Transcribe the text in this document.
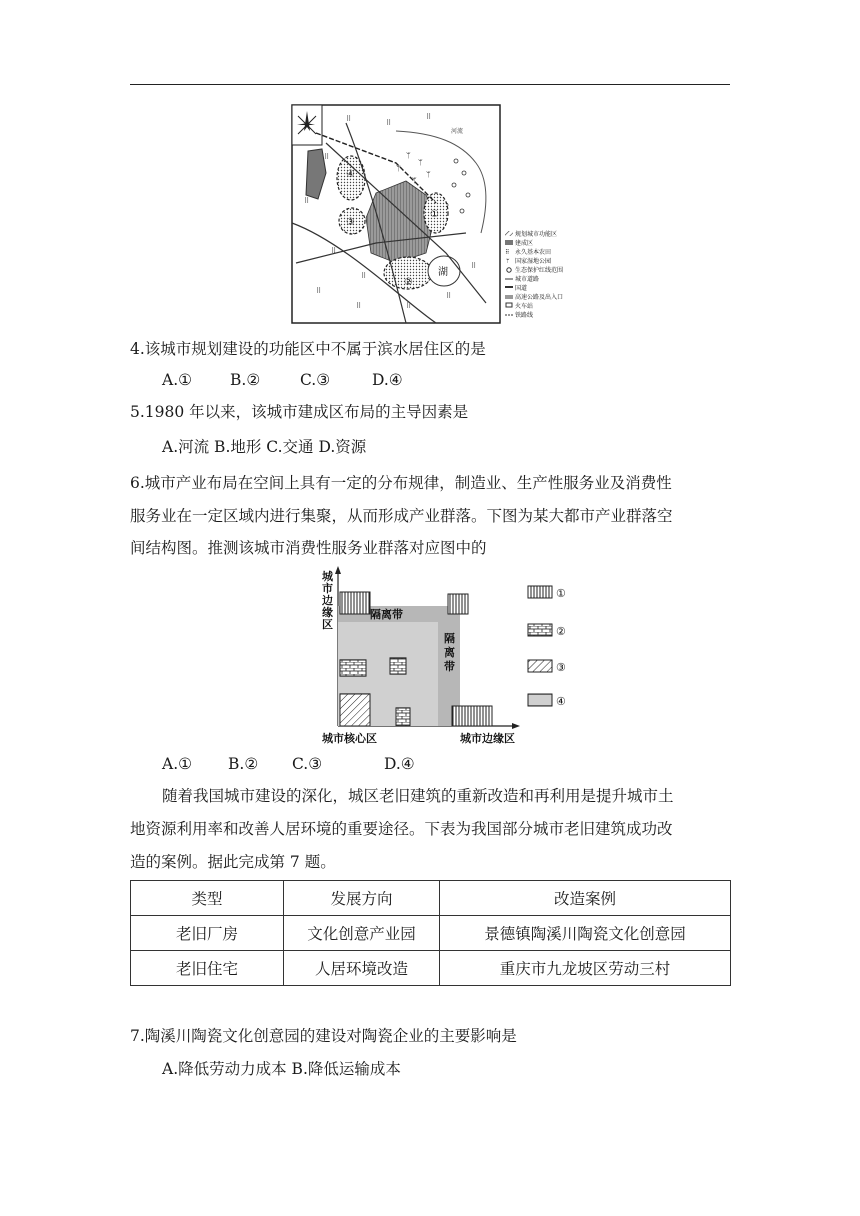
⠿	⠿
⠿
⠿
⠿
⠿
⠿
⠿
⠿
⠿
⠿
⠿
ᛘ
ᛘ
ᛘ
ᛘ
ᛘ
河流
④
①
②
③
湖
规划城市功能区
建成区
⠿ 永久基本农田
ᛘ 国家湿地公园
生态保护红线范围
城市道路
国道
高速公路及出入口
火车站
铁路线
4.该城市规划建设的功能区中不属于滨水居住区的是
A.① B.②	C.③	D.④
5.1980 年以来，该城市建成区布局的主导因素是
A.河流 B.地形 C.交通 D.资源
6.城市产业布局在空间上具有一定的分布规律，制造业、生产性服务业及消费性
服务业在一定区域内进行集聚，从而形成产业群落。下图为某大都市产业群落空
间结构图。推测该城市消费性服务业群落对应图中的
城市边缘区
隔离带
隔
离
带
城市核心区	城市边缘区
①
②
③
④
A.① B.② C.③	D.④
随着我国城市建设的深化，城区老旧建筑的重新改造和再利用是提升城市土
地资源利用率和改善人居环境的重要途径。下表为我国部分城市老旧建筑成功改
造的案例。据此完成第 7 题。
类型	发展方向	改造案例
老旧厂房	文化创意产业园	景德镇陶溪川陶瓷文化创意园
老旧住宅	人居环境改造	重庆市九龙坡区劳动三村
7.陶溪川陶瓷文化创意园的建设对陶瓷企业的主要影响是
A.降低劳动力成本 B.降低运输成本
